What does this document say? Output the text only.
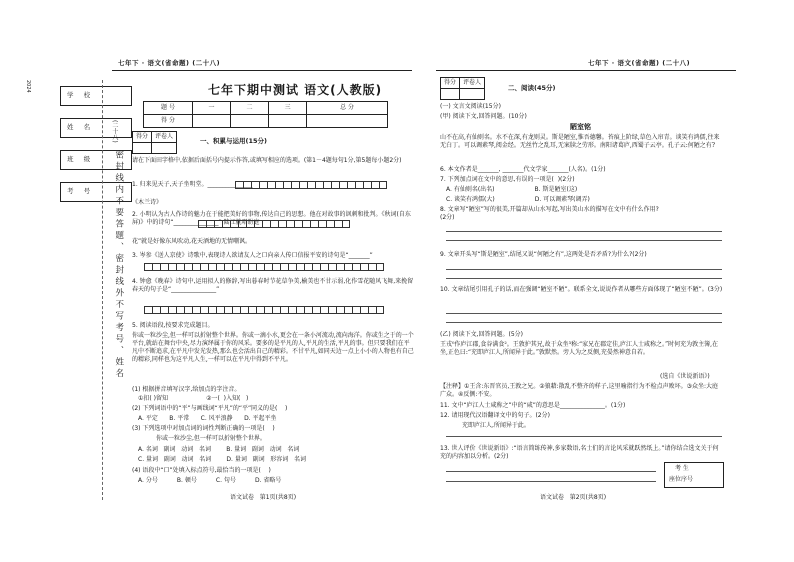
七年下 · 语文(省命题) (二十八)
2024
学 校
姓 名
班 级
考 号
(二十八)
密封线内不要答题、密封线外不写考号、姓名
七年下期中测试 语文(人教版)
题 号	一	二	三	总 分
得 分				
得分	评卷人

一、积累与运用(15分)
请在下面田字格中,依据后面括号内提示作答,或填写相应的选项。(第1－4题每句1分,第5题每小题2分)
1. 归来见天子,天子坐明堂。_______________
《木兰诗》
2. 小明认为古人作诗的魅力在于能把美好的事物,传达自己的思想。他在对故事的讽刺和批判。《秋词(自东屏)》中的诗句“_______________”,陆江就唱盼庭
花”就是好像东风吹动,花天酒地的无情嘲讽。
3. 岑参《送人京使》诗歌中,表现诗人欲请友人之口向亲人传口信报平安的诗句是“_______”
4. 钟愈《晚春》诗句中,运用拟人的修辞,写出暮春时节花草争美,榆美也不甘示弱,化作雪花随风飞舞,来挽留春天的句子是“_______________”
5. 阅读语段,按要求完成题目。
你或一粒沙尘,但一样可以折射整个世界。你或一滴小水,更会在一条小河流动,流向海洋。你或生之于的一个平台,就站在舞台中央,尽力演绎属于你的风采。要多的是平凡的人,平凡的生活,平凡的事。但只要我们在平凡中不断追求,在平凡中发光发热,那么也会活出自己的精彩。不甘平凡,如同天边一点上小小的人物也有自己的精彩,同样也为这平凡人生,一样可以在平凡中得到不平凡。
(1) 根据拼音填写汉字,给加点的字注音。
①扣( )留知                    ②一(  )入知(   )
(2) 下列词语中的“平”与画线词“平凡”的“平”同义的是(    )
A. 平定      B. 平常      C. 风平浪静      D. 平起平坐
(3) 下列选项中对加点词的词性判断正确的一项是(    )
你或一粒沙尘,但一样可以折射整个世界。
A. 名词   副词   动词   名词        B. 量词   副词   动词   名词
C. 量词   副词   动词   名词        D. 量词   副词   形容词   名词
(4) 语段中“口”处填入标点符号,最恰当的一项是(    )
A. 分号          B. 顿号          C. 句号          D. 省略号
语文试卷   第1页(共8页)
七年下 · 语文(省命题) (二十八)
得分	评卷人

二、阅读(45分)
(一) 文言文阅读(15分)
(甲) 阅读下文,回答问题。(10分)
陋室铭
山不在高,有仙则名。水不在深,有龙则灵。斯是陋室,惟吾德馨。苔痕上阶绿,草色入帘青。谈笑有鸿儒,往来无白丁。可以调素琴,阅金经。无丝竹之乱耳,无案牍之劳形。南阳诸葛庐,西蜀子云亭。孔子云:何陋之有?
6. 本文作者是_______, _______代文学家_______(人名)。(1分)
7. 下列加点词在文中的意思,有误的一项是(  )(2分)
A. 有仙则名(出名)                     B. 斯是陋室(这)
C. 谈笑有鸿儒(大)                     D. 可以调素琴(调弄)
8. 文章写“陋室”写的很美,开篇却从山水写起,写出美山水的描写在文中有什么作用?
(2分)
9. 文章开头写“斯是陋室”,结尾又说“何陋之有”,这两处是否矛盾?为什么?(2分)
10. 文章结尾引用孔子的话,而在强调“陋室不陋”。联系全文,说说作者从哪些方面体现了“陋室不陋”。(3分)
(乙) 阅读下文,回答问题。(5分)
王戎⁰作庐江郡,食谷满食²。王敦护其兄,故于众坐³称:“家兄在郡定佳,庐江人士咸称之。”时何充为敦主簿,在坐,正色曰:“充即庐江人,所闻异于此。”敦默然。旁人为之反侧,充晏然神意自若。
(选自《世说新语》)
【注释】①王含:东晋官员,王敦之兄。②狼藉:散乱不整齐的样子,这里喻指行为不检点声败坏。③众坐:大庭广众。④反侧:不安。
11. 文中“庐江人士咸称之”中的“咸”的意思是_______________。(1分)
12. 请用现代汉语翻译文中的句子。(2分)
充即庐江人,所闻异于此。
13. 世人评价《世说新语》:“语言简练传神,多家数语,名士们的言论风采就跃然纸上。”请你结合选文关于何充的内容加以分析。(2分)
考 生
座位序号
语文试卷   第2页(共8页)
